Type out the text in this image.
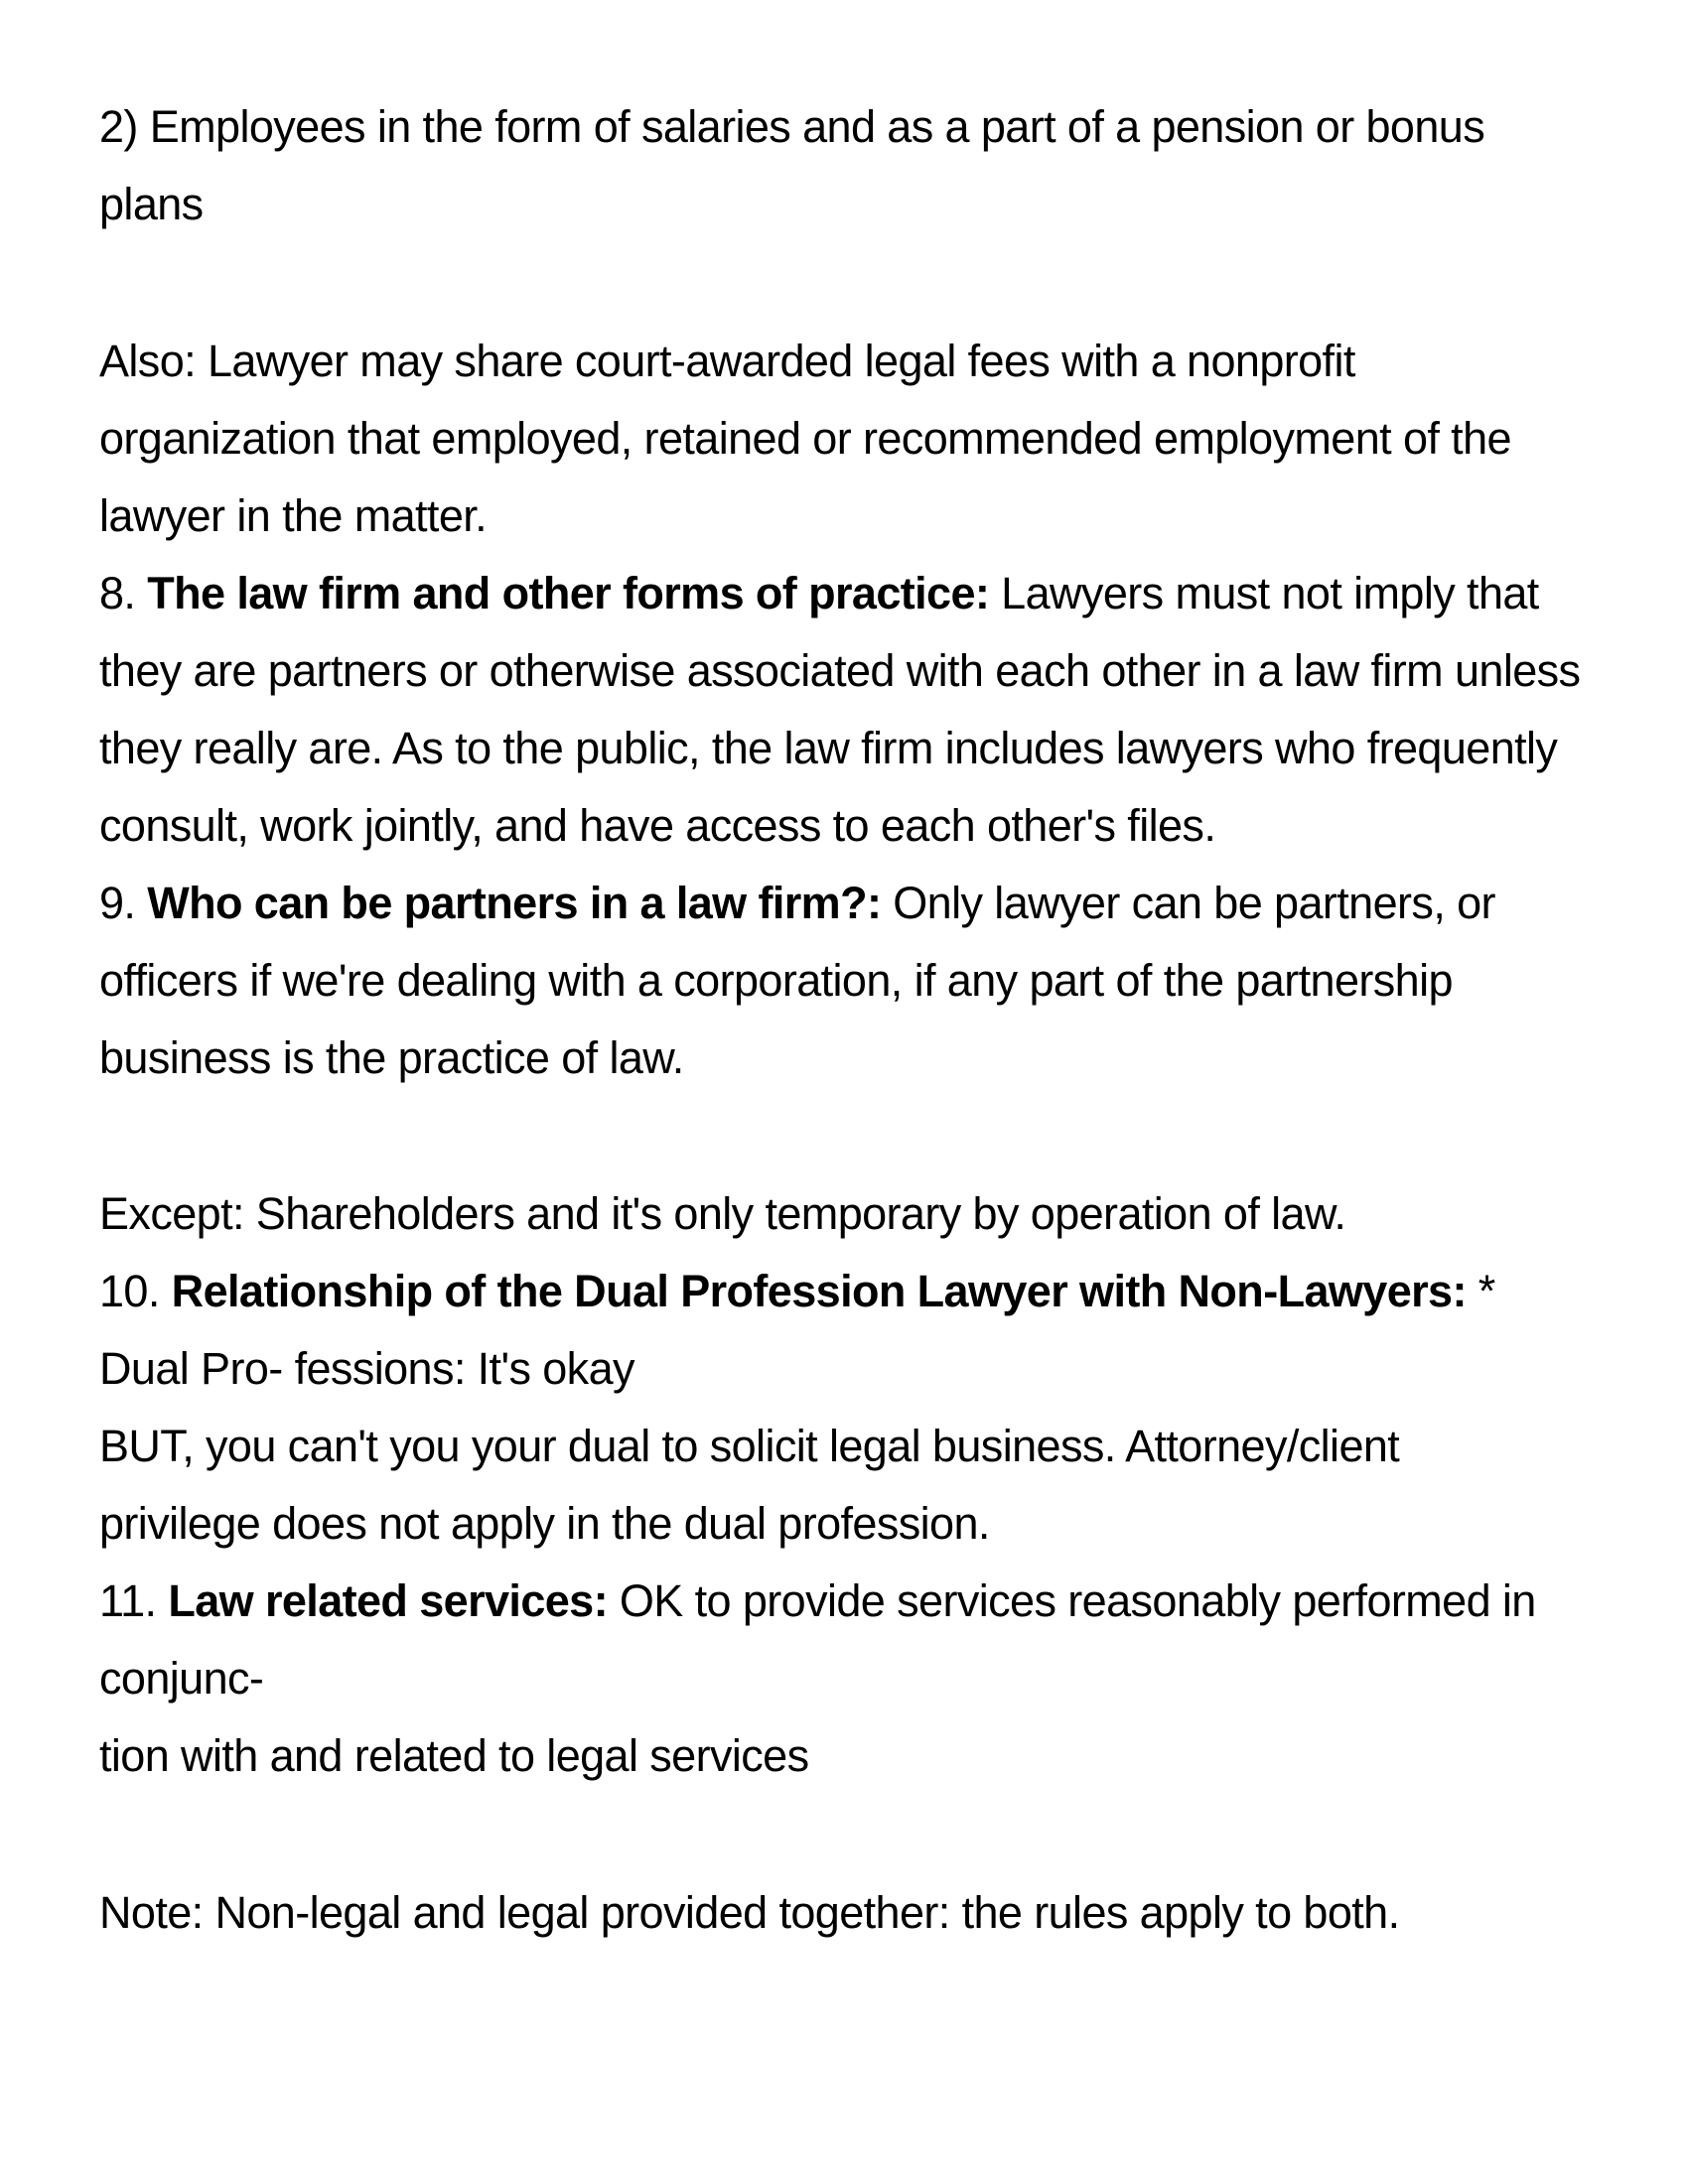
2) Employees in the form of salaries and as a part of a pension or bonus
plans
Also: Lawyer may share court-awarded legal fees with a nonprofit
organization that employed, retained or recommended employment of the
lawyer in the matter.
8. The law firm and other forms of practice: Lawyers must not imply that
they are partners or otherwise associated with each other in a law firm unless
they really are. As to the public, the law firm includes lawyers who frequently
consult, work jointly, and have access to each other's files.
9. Who can be partners in a law firm?: Only lawyer can be partners, or
officers if we're dealing with a corporation, if any part of the partnership
business is the practice of law.
Except: Shareholders and it's only temporary by operation of law.
10. Relationship of the Dual Profession Lawyer with Non-Lawyers: *
Dual Pro- fessions: It's okay
BUT, you can't you your dual to solicit legal business. Attorney/client
privilege does not apply in the dual profession.
11. Law related services: OK to provide services reasonably performed in
conjunc-
tion with and related to legal services
Note: Non-legal and legal provided together: the rules apply to both.
